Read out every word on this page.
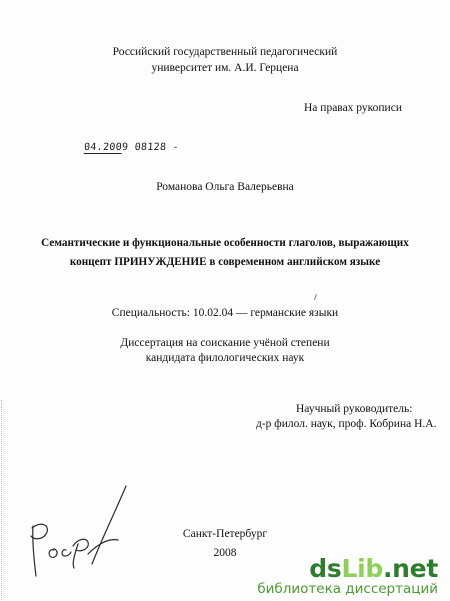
Российский государственный педагогический
университет им. А.И. Герцена
На правах рукописи
04.2009 08128 -
Романова Ольга Валерьевна
Семантические и функциональные особенности глаголов, выражающих
концепт ПРИНУЖДЕНИЕ в современном английском языке
Специальность: 10.02.04 — германские языки
Диссертация на соискание учёной степени
кандидата филологических наук
Научный руководитель:
д-р филол. наук, проф. Кобрина Н.А.
Санкт-Петербург
2008
dsLib.net
библиотека диссертаций
